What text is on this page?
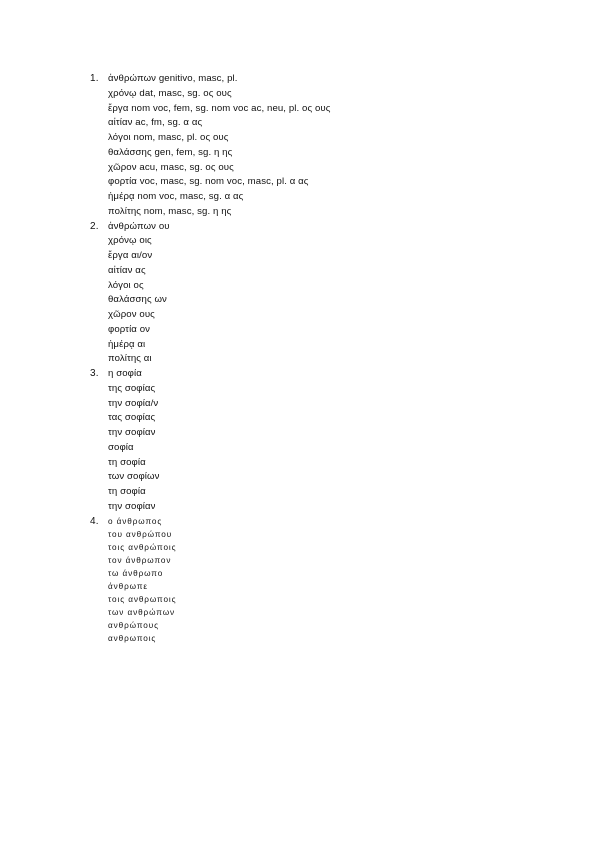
1. ἀνθρώπων genitivo, masc, pl.
χρόνῳ dat, masc, sg. ος ους
ἔργα nom voc, fem, sg. nom voc ac, neu, pl. ος ους
αἰτίαν ac, fm, sg. α ας
λόγοι nom, masc, pl. ος ους
θαλάσσης gen, fem, sg. η ης
χῶρον acu, masc, sg. ος ους
φορτία voc, masc, sg. nom voc, masc, pl. α ας
ἡμέρᾳ nom voc, masc, sg. α ας
πολίτης nom, masc, sg. η ης
2. ἀνθρώπων ου
χρόνῳ οις
ἔργα αι/ον
αἰτίαν ας
λόγοι ος
θαλάσσης ων
χῶρον ους
φορτία ον
ἡμέρᾳ αι
πολίτης αι
3. η σοφία
της σοφίας
την σοφία/ν
τας σοφίας
την σοφίαν
σοφία
τη σοφία
των σοφίων
τη σοφία
την σοφίαν
4. ο άνθρωπος
του ανθρώπου
τοις ανθρώποις
τον άνθρωπον
τω άνθρωπο
άνθρωπε
τοις ανθρωποις
των ανθρώπων
ανθρώπους
ανθρωποις
